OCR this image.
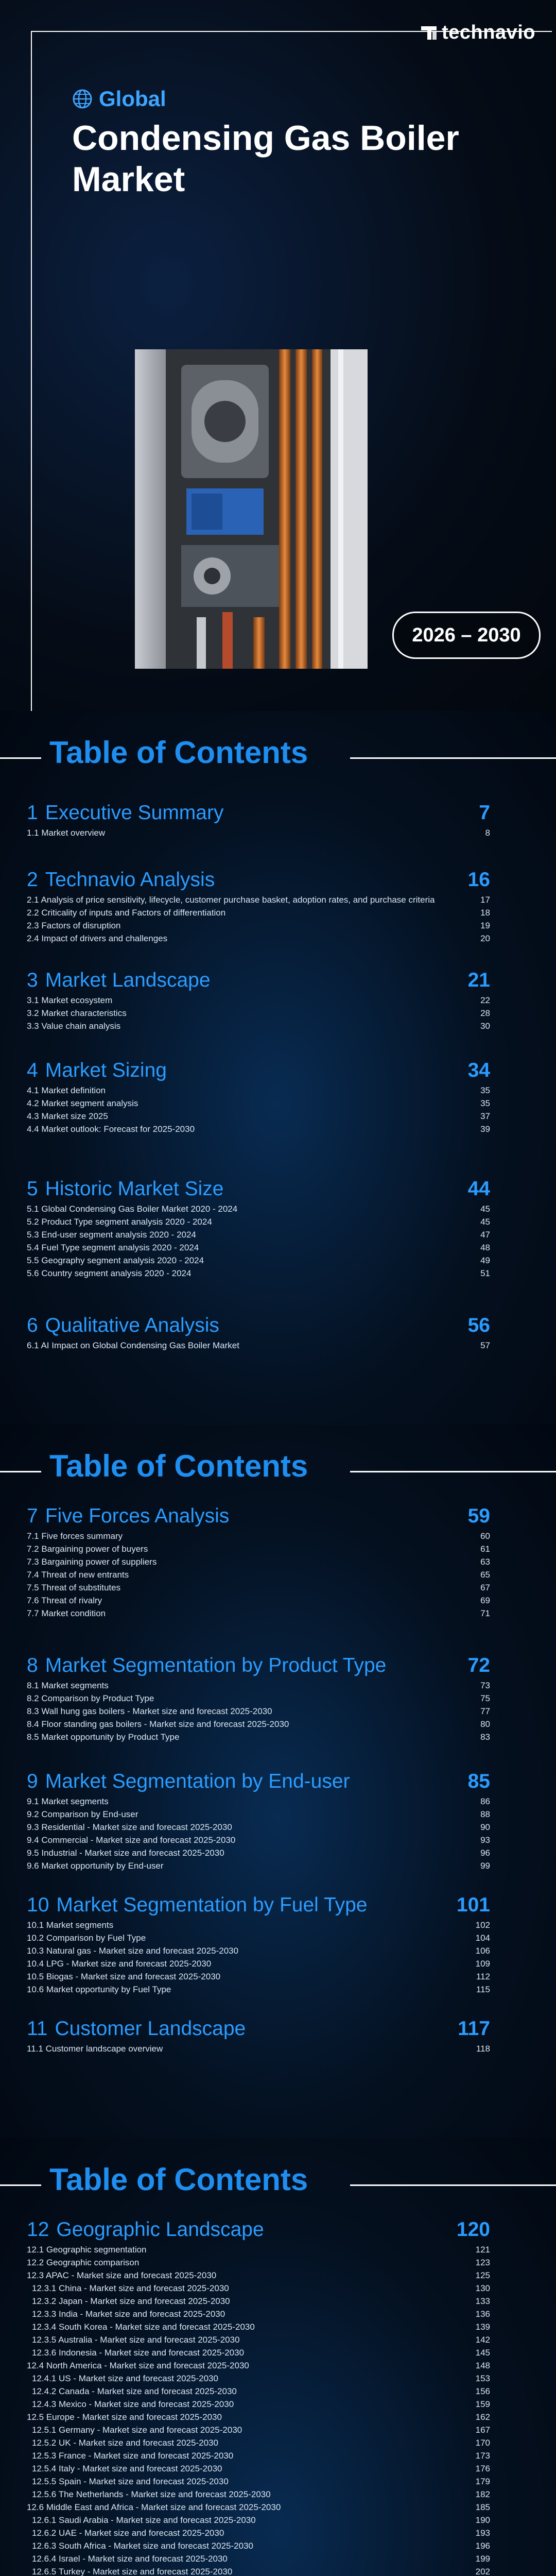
technavio
Global
Condensing Gas Boiler Market
2026 – 2030
Table of Contents
1 Executive Summary	7
1.1 Market overview	8
2 Technavio Analysis	16
2.1 Analysis of price sensitivity, lifecycle, customer purchase basket, adoption rates, and purchase criteria	17
2.2 Criticality of inputs and Factors of differentiation	18
2.3 Factors of disruption	19
2.4 Impact of drivers and challenges	20
3 Market Landscape	21
3.1 Market ecosystem	22
3.2 Market characteristics	28
3.3 Value chain analysis	30
4 Market Sizing	34
4.1 Market definition	35
4.2 Market segment analysis	35
4.3 Market size 2025	37
4.4 Market outlook: Forecast for 2025-2030	39
5 Historic Market Size	44
5.1 Global Condensing Gas Boiler Market 2020 - 2024	45
5.2 Product Type segment analysis 2020 - 2024	45
5.3 End-user segment analysis 2020 - 2024	47
5.4 Fuel Type segment analysis 2020 - 2024	48
5.5 Geography segment analysis 2020 - 2024	49
5.6 Country segment analysis 2020 - 2024	51
6 Qualitative Analysis	56
6.1 AI Impact on Global Condensing Gas Boiler Market	57
Table of Contents
7 Five Forces Analysis	59
7.1 Five forces summary	60
7.2 Bargaining power of buyers	61
7.3 Bargaining power of suppliers	63
7.4 Threat of new entrants	65
7.5 Threat of substitutes	67
7.6 Threat of rivalry	69
7.7 Market condition	71
8 Market Segmentation by Product Type	72
8.1 Market segments	73
8.2 Comparison by Product Type	75
8.3 Wall hung gas boilers - Market size and forecast 2025-2030	77
8.4 Floor standing gas boilers - Market size and forecast 2025-2030	80
8.5 Market opportunity by Product Type	83
9 Market Segmentation by End-user	85
9.1 Market segments	86
9.2 Comparison by End-user	88
9.3 Residential - Market size and forecast 2025-2030	90
9.4 Commercial - Market size and forecast 2025-2030	93
9.5 Industrial - Market size and forecast 2025-2030	96
9.6 Market opportunity by End-user	99
10 Market Segmentation by Fuel Type	101
10.1 Market segments	102
10.2 Comparison by Fuel Type	104
10.3 Natural gas - Market size and forecast 2025-2030	106
10.4 LPG - Market size and forecast 2025-2030	109
10.5 Biogas - Market size and forecast 2025-2030	112
10.6 Market opportunity by Fuel Type	115
11 Customer Landscape	117
11.1 Customer landscape overview	118
Table of Contents
12 Geographic Landscape	120
12.1 Geographic segmentation	121
12.2 Geographic comparison	123
12.3 APAC - Market size and forecast 2025-2030	125
12.3.1 China - Market size and forecast 2025-2030	130
12.3.2 Japan - Market size and forecast 2025-2030	133
12.3.3 India - Market size and forecast 2025-2030	136
12.3.4 South Korea - Market size and forecast 2025-2030	139
12.3.5 Australia - Market size and forecast 2025-2030	142
12.3.6 Indonesia - Market size and forecast 2025-2030	145
12.4 North America - Market size and forecast 2025-2030	148
12.4.1 US - Market size and forecast 2025-2030	153
12.4.2 Canada - Market size and forecast 2025-2030	156
12.4.3 Mexico - Market size and forecast 2025-2030	159
12.5 Europe - Market size and forecast 2025-2030	162
12.5.1 Germany - Market size and forecast 2025-2030	167
12.5.2 UK - Market size and forecast 2025-2030	170
12.5.3 France - Market size and forecast 2025-2030	173
12.5.4 Italy - Market size and forecast 2025-2030	176
12.5.5 Spain - Market size and forecast 2025-2030	179
12.5.6 The Netherlands - Market size and forecast 2025-2030	182
12.6 Middle East and Africa - Market size and forecast 2025-2030	185
12.6.1 Saudi Arabia - Market size and forecast 2025-2030	190
12.6.2 UAE - Market size and forecast 2025-2030	193
12.6.3 South Africa - Market size and forecast 2025-2030	196
12.6.4 Israel - Market size and forecast 2025-2030	199
12.6.5 Turkey - Market size and forecast 2025-2030	202
